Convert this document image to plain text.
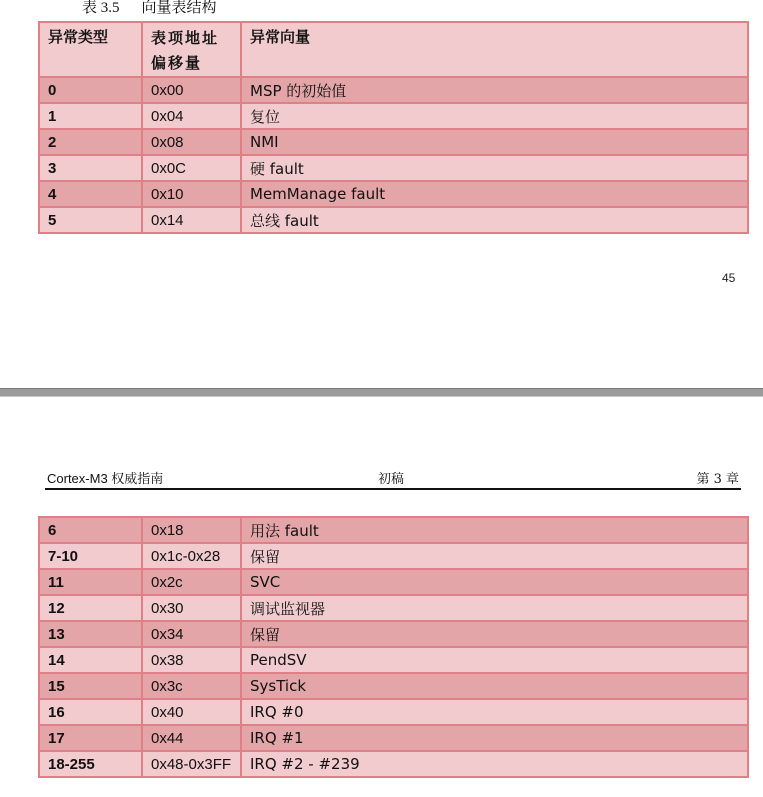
表 3.5 向量表结构
异常类型	表项地址偏移量	异常向量
0	0x00	MSP 的初始值
1	0x04	复位
2	0x08	NMI
3	0x0C	硬 fault
4	0x10	MemManage fault
5	0x14	总线 fault
45
Cortex-M3 权威指南	初稿	第 3 章
6	0x18	用法 fault
7-10	0x1c-0x28	保留
11	0x2c	SVC
12	0x30	调试监视器
13	0x34	保留
14	0x38	PendSV
15	0x3c	SysTick
16	0x40	IRQ #0
17	0x44	IRQ #1
18-255	0x48-0x3FF	IRQ #2 - #239
